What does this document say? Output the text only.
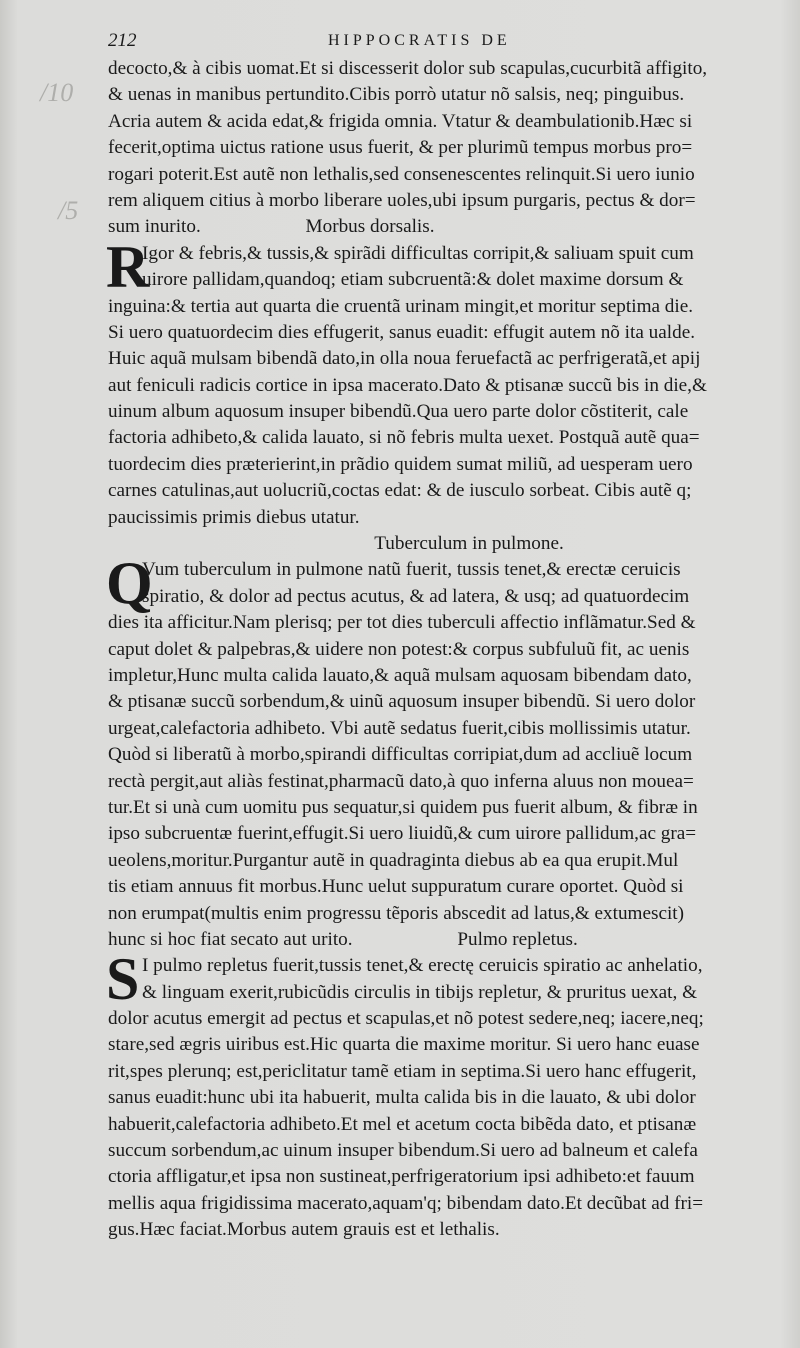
/10
/5
212	HIPPOCRATIS DE
decocto,& à cibis uomat.Et si discesserit dolor sub scapulas,cucurbitã affigito,
& uenas in manibus pertundito.Cibis porrò utatur nõ salsis, neq; pinguibus.
Acria autem & acida edat,& frigida omnia. Vtatur & deambulationib.Hæc si
fecerit,optima uictus ratione usus fuerit, & per plurimũ tempus morbus pro=
rogari poterit.Est autẽ non lethalis,sed consenescentes relinquit.Si uero iunio
rem aliquem citius à morbo liberare uoles,ubi ipsum purgaris, pectus & dor=
sum inurito.	Morbus dorsalis.
R
Igor & febris,& tussis,& spirãdi difficultas corripit,& saliuam spuit cum
uirore pallidam,quandoq; etiam subcruentã:& dolet maxime dorsum &
inguina:& tertia aut quarta die cruentã urinam mingit,et moritur septima die.
Si uero quatuordecim dies effugerit, sanus euadit: effugit autem nõ ita ualde.
Huic aquã mulsam bibendã dato,in olla noua feruefactã ac perfrigeratã,et apij
aut feniculi radicis cortice in ipsa macerato.Dato & ptisanæ succũ bis in die,&
uinum album aquosum insuper bibendũ.Qua uero parte dolor cõstiterit, cale
factoria adhibeto,& calida lauato, si nõ febris multa uexet. Postquã autẽ qua=
tuordecim dies præterierint,in prãdio quidem sumat miliũ, ad uesperam uero
carnes catulinas,aut uolucriũ,coctas edat: & de iusculo sorbeat. Cibis autẽ q;
paucissimis primis diebus utatur.
Tuberculum in pulmone.
Q
Vum tuberculum in pulmone natũ fuerit, tussis tenet,& erectæ ceruicis
spiratio, & dolor ad pectus acutus, & ad latera, & usq; ad quatuordecim
dies ita afficitur.Nam plerisq; per tot dies tuberculi affectio inflãmatur.Sed &
caput dolet & palpebras,& uidere non potest:& corpus subfuluũ fit, ac uenis
impletur,Hunc multa calida lauato,& aquã mulsam aquosam bibendam dato,
& ptisanæ succũ sorbendum,& uinũ aquosum insuper bibendũ. Si uero dolor
urgeat,calefactoria adhibeto. Vbi autẽ sedatus fuerit,cibis mollissimis utatur.
Quòd si liberatũ à morbo,spirandi difficultas corripiat,dum ad accliuẽ locum
rectà pergit,aut aliàs festinat,pharmacũ dato,à quo inferna aluus non mouea=
tur.Et si unà cum uomitu pus sequatur,si quidem pus fuerit album, & fibræ in
ipso subcruentæ fuerint,effugit.Si uero liuidũ,& cum uirore pallidum,ac gra=
ueolens,moritur.Purgantur autẽ in quadraginta diebus ab ea qua erupit.Mul
tis etiam annuus fit morbus.Hunc uelut suppuratum curare oportet. Quòd si
non erumpat(multis enim progressu tẽporis abscedit ad latus,& extumescit)
hunc si hoc fiat secato aut urito.	Pulmo repletus.
S I pulmo repletus fuerit,tussis tenet,& erectę ceruicis spiratio ac anhelatio,
& linguam exerit,rubicũdis circulis in tibijs repletur, & pruritus uexat, &
dolor acutus emergit ad pectus et scapulas,et nõ potest sedere,neq; iacere,neq;
stare,sed ægris uiribus est.Hic quarta die maxime moritur. Si uero hanc euase
rit,spes plerunq; est,periclitatur tamẽ etiam in septima.Si uero hanc effugerit,
sanus euadit:hunc ubi ita habuerit, multa calida bis in die lauato, & ubi dolor
habuerit,calefactoria adhibeto.Et mel et acetum cocta bibẽda dato, et ptisanæ
succum sorbendum,ac uinum insuper bibendum.Si uero ad balneum et calefa
ctoria affligatur,et ipsa non sustineat,perfrigeratorium ipsi adhibeto:et fauum
mellis aqua frigidissima macerato,aquam'q; bibendam dato.Et decũbat ad fri=
gus.Hæc faciat.Morbus autem grauis est et lethalis.
